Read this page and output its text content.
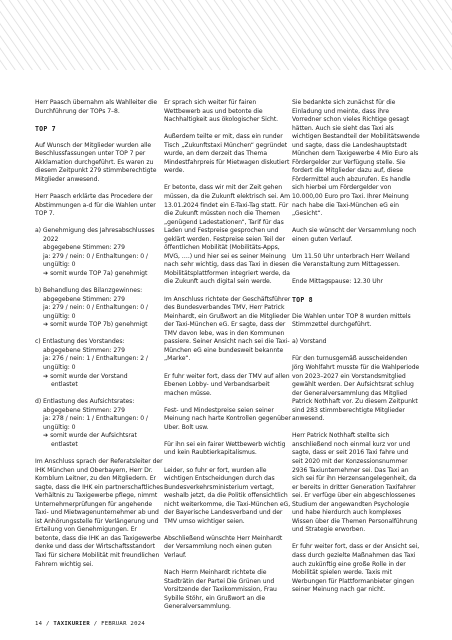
Herr Paasch übernahm als Wahlleiter die Durchführung der TOPs 7–8.

TOP 7

Auf Wunsch der Mitglieder wurden alle Beschlussfassungen unter TOP 7 per Akklamation durchgeführt. Es waren zu diesem Zeitpunkt 279 stimmberechtigte Mitglieder anwesend.

Herr Paasch erklärte das Procedere der Abstimmungen a-d für die Wahlen unter TOP 7.

a) Genehmigung des Jahresabschlusses
2022
abgegebene Stimmen: 279
ja: 279 / nein: 0 / Enthaltungen: 0 /
ungültig: 0
➔ somit wurde TOP 7a) genehmigt
b) Behandlung des Bilanzgewinnes:
abgegebene Stimmen: 279
ja: 279 / nein: 0 / Enthaltungen: 0 /
ungültig: 0
➔ somit wurde TOP 7b) genehmigt
c) Entlastung des Vorstandes:
abgegebene Stimmen: 279
ja: 276 / nein: 1 / Enthaltungen: 2 /
ungültig: 0
➔ somit wurde der Vorstand
entlastet
d) Entlastung des Aufsichtsrates:
abgegebene Stimmen: 279
ja: 278 / nein: 1 / Enthaltungen: 0 /
ungültig: 0
➔ somit wurde der Aufsichtsrat
entlastet

Im Anschluss sprach der Referatsleiter der IHK München und Oberbayern, Herr Dr. Kornblum Leitner, zu den Mitgliedern. Er sagte, dass die IHK ein partnerschaftliches Verhältnis zu Taxigewerbe pflege, nimmt Unternehmerprüfungen für angehende Taxi- und Mietwagenunternehmer ab und ist Anhörungsstelle für Verlängerung und Erteilung von Genehmigungen. Er betonte, dass die IHK an das Taxigewerbe denke und dass der Wirtschaftsstandort Taxi für sichere Mobilität mit freundlichen Fahrern wichtig sei.

Er sprach sich weiter für fairen Wettbewerb aus und betonte die Nachhaltigkeit aus ökologischer Sicht.

Außerdem teilte er mit, dass ein runder Tisch „Zukunftstaxi München“ gegründet wurde, an dem derzeit das Thema Mindestfahrpreis für Mietwagen diskutiert werde.

Er betonte, dass wir mit der Zeit gehen müssen, da die Zukunft elektrisch sei. Am 13.01.2024 findet ein E-Taxi-Tag statt. Für die Zukunft müssten noch die Themen „genügend Ladestationen“, Tarif für das Laden und Festpreise gesprochen und geklärt werden. Festpreise seien Teil der öffentlichen Mobilität (Mobilitäts-Apps, MVG, ….) und hier sei es seiner Meinung nach sehr wichtig, dass das Taxi in diesen Mobilitätsplattformen integriert werde, da die Zukunft auch digital sein werde.

Im Anschluss richtete der Geschäftsführer des Bundesverbandes TMV, Herr Patrick Meinhardt, ein Grußwort an die Mitglieder der Taxi-München eG. Er sagte, dass der TMV davon lebe, was in den Kommunen passiere. Seiner Ansicht nach sei die Taxi-München eG eine bundesweit bekannte „Marke“.

Er fuhr weiter fort, dass der TMV auf allen Ebenen Lobby- und Verbandsarbeit machen müsse.

Fest- und Mindestpreise seien seiner Meinung nach harte Kontrollen gegenüber Uber. Bolt usw.

Für ihn sei ein fairer Wettbewerb wichtig und kein Raubtierkapitalismus.

Leider, so fuhr er fort, wurden alle wichtigen Entscheidungen durch das Bundesverkehrsministerium vertagt, weshalb jetzt, da die Politik offensichtlich nicht weiterkomme, die Taxi-München eG, der Bayerische Landesverband und der TMV umso wichtiger seien.

Abschließend wünschte Herr Meinhardt der Versammlung noch einen guten Verlauf.

Nach Herrn Meinhardt richtete die Stadträtin der Partei Die Grünen und Vorsitzende der Taxikommission, Frau Sybille Stöhr, ein Grußwort an die Generalversammlung.

Sie bedankte sich zunächst für die Einladung und meinte, dass ihre Vorredner schon vieles Richtige gesagt hätten. Auch sie sieht das Taxi als wichtigen Bestandteil der Mobilitätswende und sagte, dass die Landeshauptstadt München dem Taxigewerbe 4 Mio Euro als Fördergelder zur Verfügung stelle. Sie fordert die Mitglieder dazu auf, diese Fördermittel auch abzurufen. Es handle sich hierbei um Fördergelder von 10.000,00 Euro pro Taxi. Ihrer Meinung nach habe die Taxi-München eG ein „Gesicht“.

Auch sie wünscht der Versammlung noch einen guten Verlauf.

Um 11.50 Uhr unterbrach Herr Weiland die Veranstaltung zum Mittagessen.

Ende Mittagspause: 12.30 Uhr

TOP 8

Die Wahlen unter TOP 8 wurden mittels Stimmzettel durchgeführt.

a) Vorstand

Für den turnusgemäß ausscheidenden Jörg Wohlfahrt musste für die Wahlperiode von 2023–2027 ein Vorstandsmitglied gewählt werden. Der Aufsichtsrat schlug der Generalversammlung das Mitglied Patrick Nothhaft vor. Zu diesem Zeitpunkt sind 283 stimmberechtigte Mitglieder anwesend.

Herr Patrick Nothhaft stellte sich anschließend noch einmal kurz vor und sagte, dass er seit 2016 Taxi fahre und seit 2020 mit der Konzessionsnummer 2936 Taxiunternehmer sei. Das Taxi an sich sei für ihn Herzensangelegenheit, da er bereits in dritter Generation Taxifahrer sei. Er verfüge über ein abgeschlossenes Studium der angewandten Psychologie und habe hierdurch auch komplexes Wissen über die Themen Personalführung und Strategie erworben.

Er fuhr weiter fort, dass er der Ansicht sei, dass durch gezielte Maßnahmen das Taxi auch zukünftig eine große Rolle in der Mobilität spielen werde. Taxis mit Werbungen für Plattformanbieter gingen seiner Meinung nach gar nicht.

14 / TAXIKURIER / FEBRUAR 2024
